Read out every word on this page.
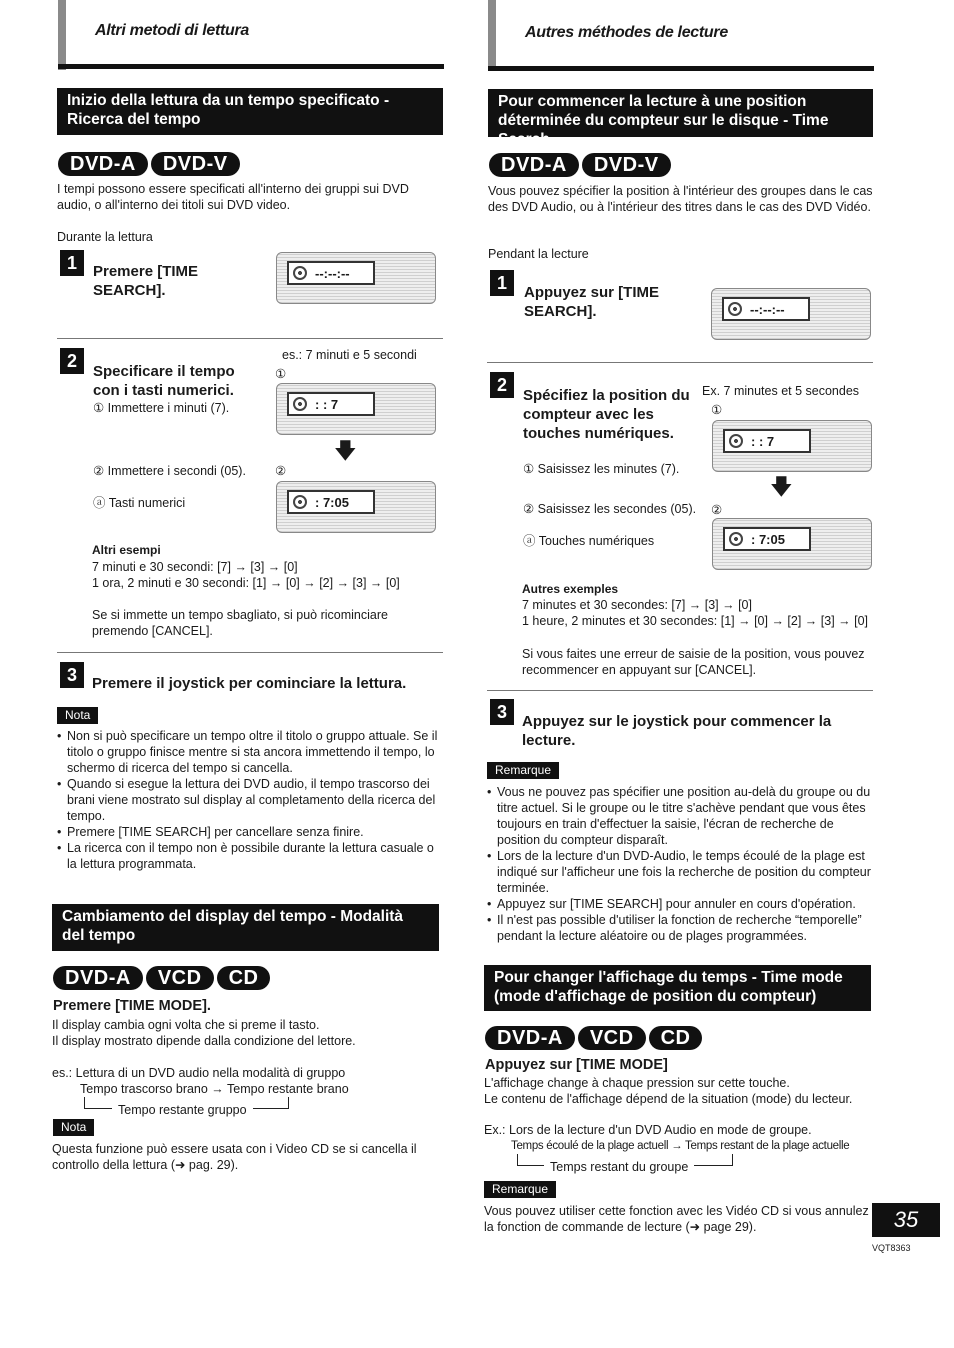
Altri metodi di lettura
Inizio della lettura da un tempo specificato - Ricerca del tempo
DVD-A	DVD-V
I tempi possono essere specificati all'interno dei gruppi sui DVD audio, o all'interno dei titoli sui DVD video.
Durante la lettura
1	Premere [TIME SEARCH].
--:--:--
2
Specificare il tempo con i tasti numerici.
es.: 7 minuti e 5 secondi
①
① Immettere i minuti (7).	: : 7
🡇
② Immettere i secondi (05). ②
ⓐ Tasti numerici	: 7:05
Altri esempi
7 minuti e 30 secondi: [7] → [3] → [0]
1 ora, 2 minuti e 30 secondi: [1] → [0] → [2] → [3] → [0]
Se si immette un tempo sbagliato, si può ricominciare premendo [CANCEL].
3	Premere il joystick per cominciare la lettura.
Nota
• Non si può specificare un tempo oltre il titolo o gruppo attuale. Se il titolo o gruppo finisce mentre si sta ancora immettendo il tempo, lo schermo di ricerca del tempo si cancella.
• Quando si esegue la lettura dei DVD audio, il tempo trascorso dei brani viene mostrato sul display al completamento della ricerca del tempo.
• Premere [TIME SEARCH] per cancellare senza finire.
• La ricerca con il tempo non è possibile durante la lettura casuale o la lettura programmata.
Cambiamento del display del tempo - Modalità del tempo
DVD-A	VCD	CD
Premere [TIME MODE].
Il display cambia ogni volta che si preme il tasto.
Il display mostrato dipende dalla condizione del lettore.
es.: Lettura di un DVD audio nella modalità di gruppo
Tempo trascorso brano → Tempo restante brano
Tempo restante gruppo
Nota
Questa funzione può essere usata con i Video CD se si cancella il controllo della lettura (➜ pag. 29).
Autres méthodes de lecture
Pour commencer la lecture à une position déterminée du compteur sur le disque - Time Search
DVD-A	DVD-V
Vous pouvez spécifier la position à l'intérieur des groupes dans le cas des DVD Audio, ou à l'intérieur des titres dans le cas des DVD Vidéo.
Pendant la lecture
1	Appuyez sur [TIME SEARCH].	--:--:--
2
Spécifiez la position du compteur avec les touches numériques.
Ex. 7 minutes et 5 secondes
①
① Saisissez les minutes (7).
: : 7
🡇
② Saisissez les secondes (05). ②
ⓐ Touches numériques	: 7:05
Autres exemples
7 minutes et 30 secondes: [7] → [3] → [0]
1 heure, 2 minutes et 30 secondes: [1] → [0] → [2] → [3] → [0]
Si vous faites une erreur de saisie de la position, vous pouvez recommencer en appuyant sur [CANCEL].
3	Appuyez sur le joystick pour commencer la lecture.
Remarque
• Vous ne pouvez pas spécifier une position au-delà du groupe ou du titre actuel. Si le groupe ou le titre s'achève pendant que vous êtes toujours en train d'effectuer la saisie, l'écran de recherche de position du compteur disparaît.
• Lors de la lecture d'un DVD-Audio, le temps écoulé de la plage est indiqué sur l'afficheur une fois la recherche de position du compteur terminée.
• Appuyez sur [TIME SEARCH] pour annuler en cours d'opération.
• Il n'est pas possible d'utiliser la fonction de recherche “temporelle” pendant la lecture aléatoire ou de plages programmées.
Pour changer l'affichage du temps - Time mode (mode d'affichage de position du compteur)
DVD-A	VCD	CD
Appuyez sur [TIME MODE]
L'affichage change à chaque pression sur cette touche.
Le contenu de l'affichage dépend de la situation (mode) du lecteur.
Ex.: Lors de la lecture d'un DVD Audio en mode de groupe.
Temps écoulé de la plage actuell → Temps restant de la plage actuelle
Temps restant du groupe
Remarque
Vous pouvez utiliser cette fonction avec les Vidéo CD si vous annulez la fonction de commande de lecture (➜ page 29).	35
VQT8363
